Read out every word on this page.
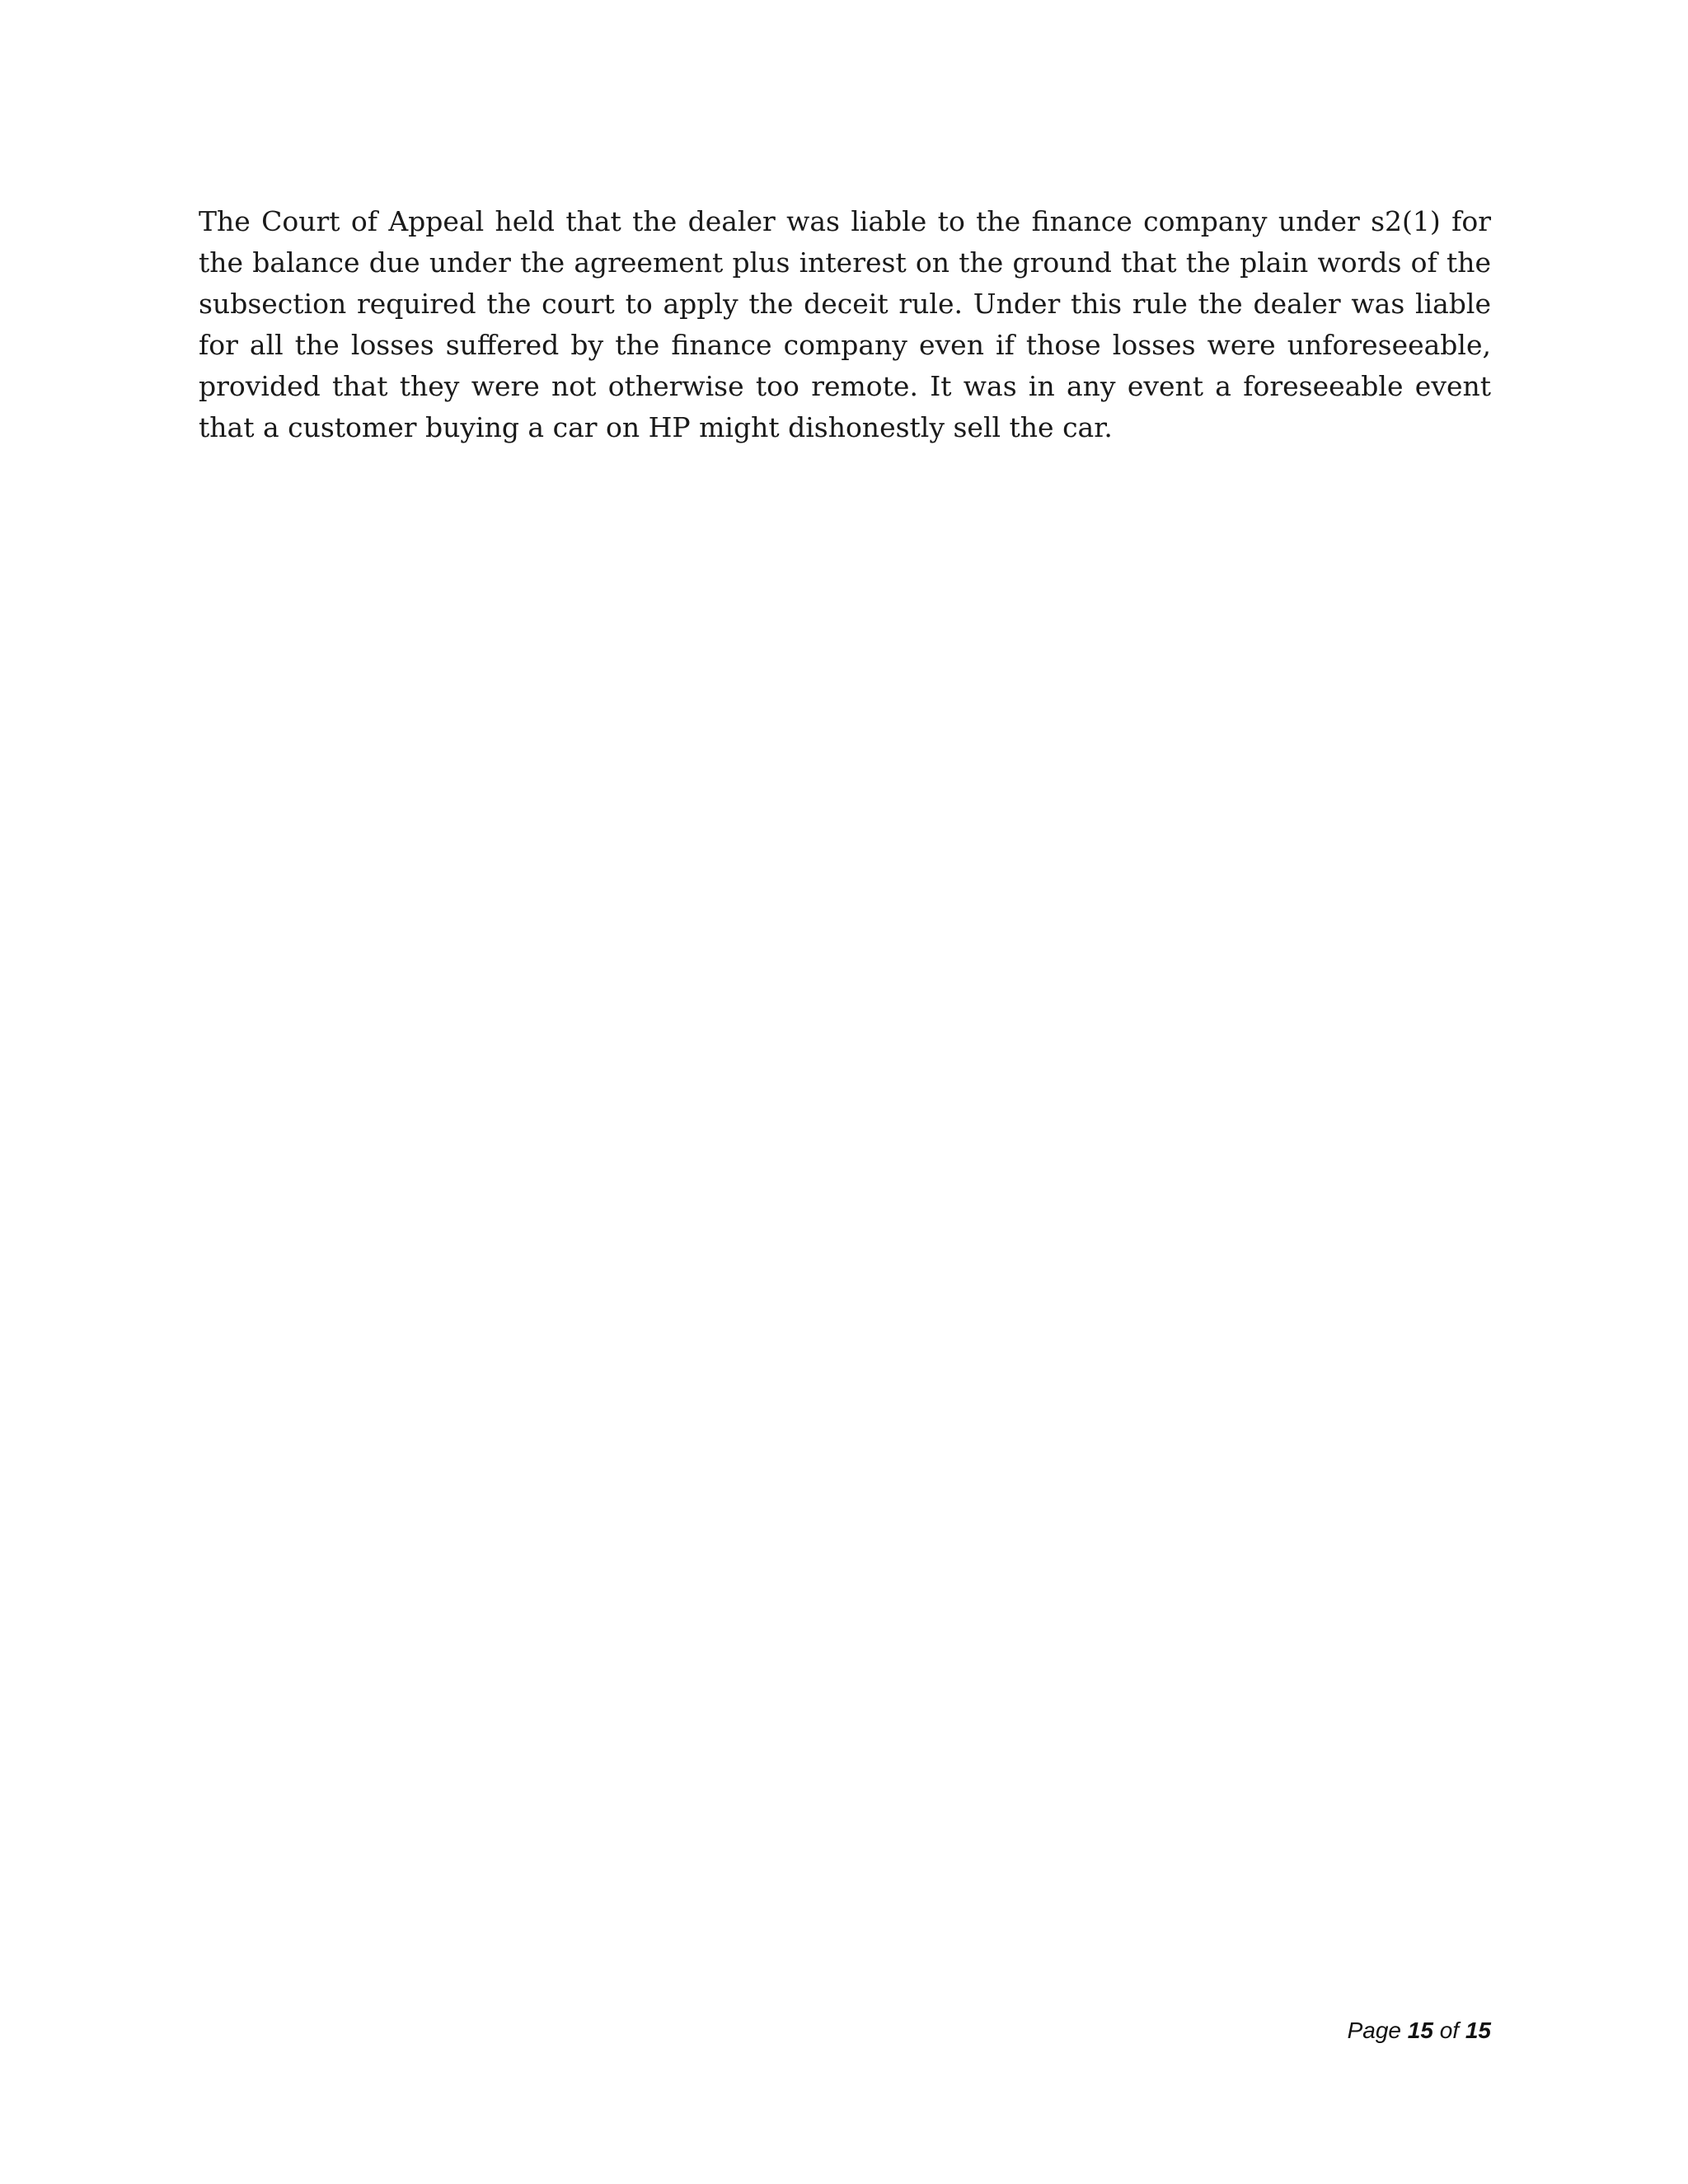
The Court of Appeal held that the dealer was liable to the finance company under s2(1) for the balance due under the agreement plus interest on the ground that the plain words of the subsection required the court to apply the deceit rule. Under this rule the dealer was liable for all the losses suffered by the finance company even if those losses were unforeseeable, provided that they were not otherwise too remote. It was in any event a foreseeable event that a customer buying a car on HP might dishonestly sell the car.

Page 15 of 15
